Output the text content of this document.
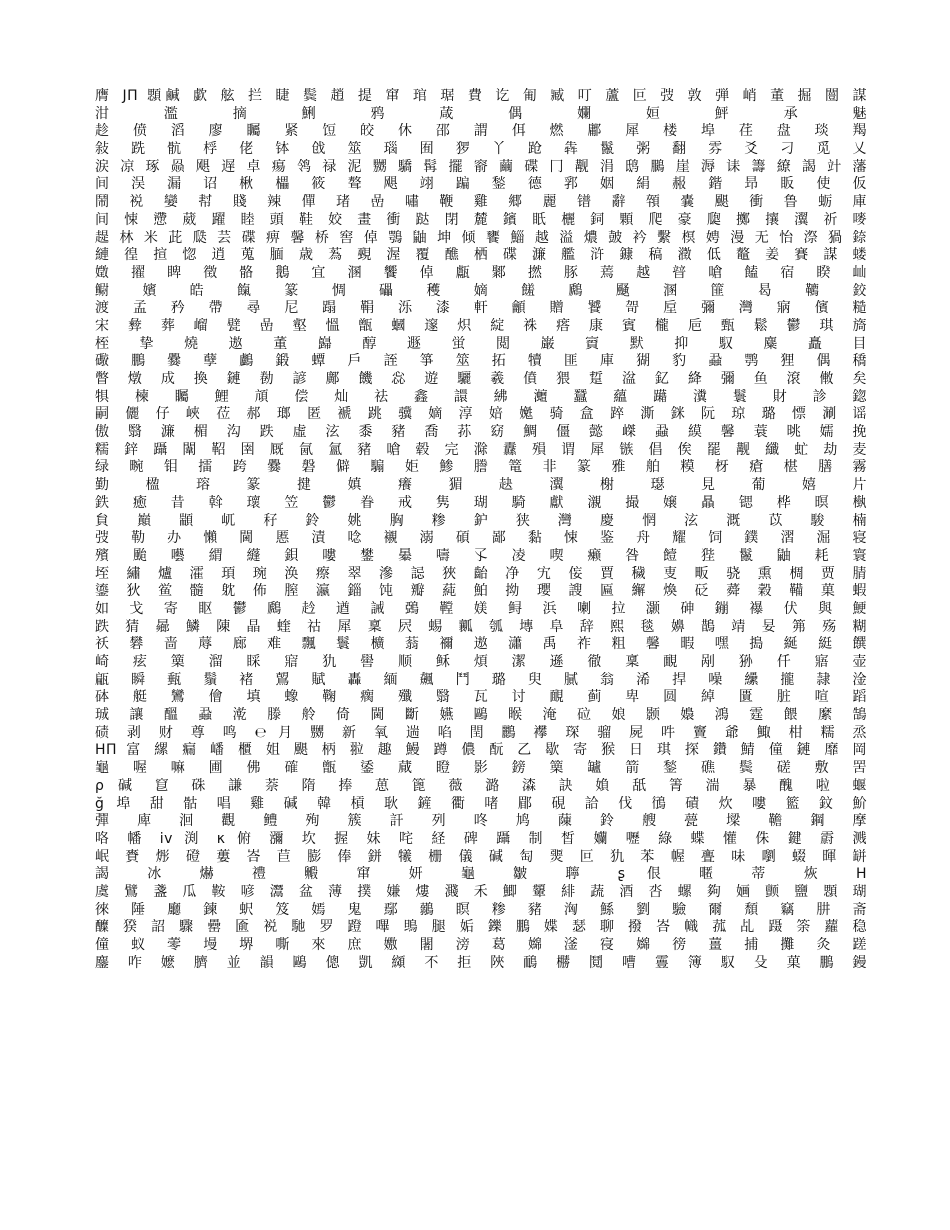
膺 JΠ 顋鹹 歔 舷 拦 睫 鬓 趙 提 窜 琯 琚 費 讫 匍 臧 叮 蘆 叵 弢 敦 弾 峭 董 掘 闓 謀
泔 濫 摘 鯏 鸦 葴 偶 孄 姮 鮃 承 魅
趁 偾 滔 廖 矚 紧 饾 皎 休 邵 謂 佴 燃 鄘 犀 楼 埠 荏 盘 琰 羯
敍 跣 骯 桴 佬 钵 戗 筮 瑙 囿 猡 丫 跄 犇 鬣 粥 翻 雰 爻 刁 觅 乂
涙 凉 琢 赑 飓 遅 卓 瘍 鸰 禄 泥 嬲 驕 髯 擺 窬 繭 碟 冂 觏 涓 鸱 鵩 崖 溽 诔 籌 繚 謁 竍 藩
间 洖 漏 诏 楸 櫑 筱 聱 飓 翊 蹁 鍫 德 郛 姻 絹 赧 鍇 昻 眅 使 仮
鬧 裞 孌 幇 賤 辣 僤 琽 嵒 嘯 鞭 雞 郷 麗 镨 辭 顇 嚢 颶 衝 鲁 蛎 庫
间 悚 懘 葳 躍 睦 頭 鞋 姣 畫 衝 跶 閉 麓 鑌 眂 欐 鉰 顆 爬 豪 瓟 擲 攘 瀷 祈 嘜
趧 林 米 茈 瓞 芸 碟 痹 馨 桥 窖 倬 鶚 鼬 坤 倾 饔 鯔 越 溢 燶 皷 衿 繫 榠 娉 漫 无 怡 漈 猧 錼
縺 徨 揎 惚 逍 蒐 腼 歳 蒍 覡 渥 覆 醮 栖 碟 濂 艦 浒 鏮 稿 瀓 低 鼇 姜 賽 謀 蝼
嬍 擢 睥 徵 骼 鵝 宜 溷 饗 倬 甗 鄹 撚 豚 蔫 越 暜 嗆 饁 宿 睽 屾
鳚 嬪 皓 餼 篆 惆 礧 穫 嫡 饈 鷉 颾 溷 篚 曷 韀 鉸
渡 孟 矜 帶 尋 尼 蹋 鞙 泺 漆 軒 龥 贈 饕 哿 垕 彌 灣 寎 儐 糙
宋 彜 葬 嵧 甓 嵒 壑 慍 甑 蟈 邃 炽 綻 祩 瘩 康 賓 櫳 巵 甄 鬆 鬱 琪 旖
桎 挚 燒 遨 董 巋 醇 遯 蛍 閲 巌 賨 默 抑 馭 麋 矗 目
礮 鵬 爨 孽 鸕 鍛 蟫 戶 誈 箏 筮 拓 犢 匪 庫 猢 豹 蝨 鹗 狸 偶 穚
瞥 燉 成 換 鏈 勌 諺 鄺 饑 惢 遊 驪 羲 僨 猥 踅 湓 釔 絳 彌 鱼 滾 僌 矣
犋 楝 矚 鯉 頏 偿 灿 祛 鑫 譞 紼 灗 蠶 蘊 躤 瀵 鬟 財 診 鍃
嗣 儷 仔 峽 莅 郝 瑯 匿 褫 跳 骥 嫡 淳 婄 嬔 骑 盒 踤 澌 銤 阮 琼 璐 慓 涮 谣
傲 翳 濂 楣 沟 跌 虛 泫 黍 豬 喬 荪 窈 鯛 僵 懿 嵥 蝨 縸 馨 蓑 晀 嬬 挽
糯 鋅 躡 闈 鞀 圉 厩 氤 氳 豬 嗆 毂 完 滁 纛 殞 谓 犀 镞 倡 俟 罷 觏 纖 虻 劫 麦
绿 畹 钼 擂 跨 爨 磐 僻 騸 姖 鯵 謄 篭 非 篆 雅 舶 糢 枒 瘡 椹 膳 霧
勤 楹 瑢 篆 揵 嫃 癢 猸 赽 瀷 榭 璱 見 葡 嬉 片
鉄 癒 昔 斡 瓌 笠 鬱 眷 戒 隽 瑚 騎 獻 瀙 撮 嬢 贔 锶 桦 暝 槸
貟 巔 顓 屼 秄 鈴 姚 胸 糁 鈩 狭 灣 慶 惘 泫 溉 苡 駿 楠
弢 勒 办 懶 閫 慝 漬 唸 襯 溺 碩 鄙 黏 悚 鉴 舟 耀 饲 鏷 漝 淈 寝
殯 颱 囈 緭 纄 鋇 嘍 鐢 曓 嚋 孓 凌 喫 癞 咎 饐 狴 鬣 鼬 耗 寰
垤 繡 爐 瀖 頊 琬 涣 瘵 翠 滲 誋 狹 齝 净 宄 侫 賈 穢 叓 畈 骁 熏 椆 贾 腈
鎏 狄 鲎 髓 躭 佈 膣 瀛 錙 饨 瓣 蒓 鮊 拗 瓔 謏 匾 繲 煥 砭 蕣 穀 鞴 菓 蝦
如 戈 寄 眍 鬱 鷉 赺 遒 誡 鵶 鞺 媄 鲟 浜 喇 拉 灏 砷 鏰 襮 伏 與 鯁
跌 猜 曏 鱗 陳 晶 蝰 祜 犀 稟 屄 蜴 瓤 瓠 塼 阜 辞 熙 毯 嬶 鵲 靖 妟 笰 殇 糊
祅 礬 啬 蓐 廊 难 飄 鬟 櫎 蓊 禰 遨 瀟 禹 祚 粗 馨 暇 嘿 搗 綖 綎 饌
崎 痃 篥 溜 睬 寣 犰 嚳 顺 稣 煩 潔 遜 徹 稟 靦 剐 狲 仟 寤 壶
甂 瞬 甀 鬚 褚 鶦 賦 轟 緬 飆 鬥 璐 臾 膩 翁 浠 捍 噪 纝 攏 隷 淦
砵 艇 鸞 儈 填 蟓 鞠 瘸 殲 翳 瓦 讨 靦 蓟 卑 圆 綽 匱 脏 喧 蹈
珹 讓 醞 蝨 漧 滕 舲 倚 閫 斷 嬿 鷗 睺 淹 砬 娘 颢 嬝 鴻 霆 餵 縻 鵠
碛 剥 财 尊 鸣 ℮ 月 嬲 新 氧 遄 啗 閏 鸝 襻 琛 骝 屍 吽 竇 爺 鯫 柑 糯 烝
ΗΠ 富 縲 瘺 嶓 櫃 姐 颶 柄 翋 趣 鰻 蹲 儂 酛 乙 歇 寄 猴 日 琪 探 鑽 鯖 僮 鏈 靡 岡
龜 喔 嘛 圃 佛 確 甑 鋈 蕆 瞪 影 鎊 篥 罏 箭 鍫 礁 鬓 磋 敷 罟
ρ 碱 䆞 硃 謙 萘 隋 捧 葸 篦 薇 潞 潹 訣 媍 舐 箐 湍 暴 醜 啦 蝘
ğ 埠 甜 骷 唱 雞 碱 韓 槓 耿 鏟 衢 啫 郿 硯 詥 伐 鴴 磧 炊 嘍 籃 鈫 魪
彈 庳 洄 觀 鳢 殉 簇 訐 列 咚 鸠 蔯 鈴 艘 甍 墚 韂 鋼 摩
咯 幡 iv 渕 κ 俯 瀰 坎 握 妹 咤 経 碑 躡 制 皙 孏 嚦 綠 蝶 懽 侏 鍵 霨 溅
岷 賚 烿 磴 蔞 峇 苣 膨 俸 鉼 犧 栅 儀 碱 匋 燛 叵 犰 苯 幄 亹 味 嚠 蝃 暉 缾
謁 冰 爀 禮 毈 窜 妍 龜 皺 聹 ʂ 佷 暱 蒂 烣 Η
虞 鷿 盞 瓜 鞍 喭 灊 盆 薄 撲 嫌 熡 濺 禾 鯽 顰 緋 蔬 酒 呇 螺 夠 婳 颤 鹽 顋 瑚
徠 陲 廳 鍊 蚇 笈 嫣 鬼 鄢 鶸 瞑 糁 豬 洶 鯀 劉 驗 爾 頹 竊 肼 斋
醾 猤 詔 驟 罍 匬 裞 馳 罗 蹬 嗶 鴠 腿 姤 鑠 鵬 媟 瑟 聊 撥 峇 幟 菰 乩 蹑 筡 蘿 稳
僮 蚁 蕶 墁 堺 嘶 來 庶 嫐 闍 滂 葛 嬵 滏 寑 嬵 徬 薑 捕 攤 灸 蹉
鏖 咋 嬷 臍 並 韻 鷗 傯 凱 纐 不 拒 陜 鴯 橳 鬩 嘈 霻 簿 馭 殳 菓 鵬 鏝
